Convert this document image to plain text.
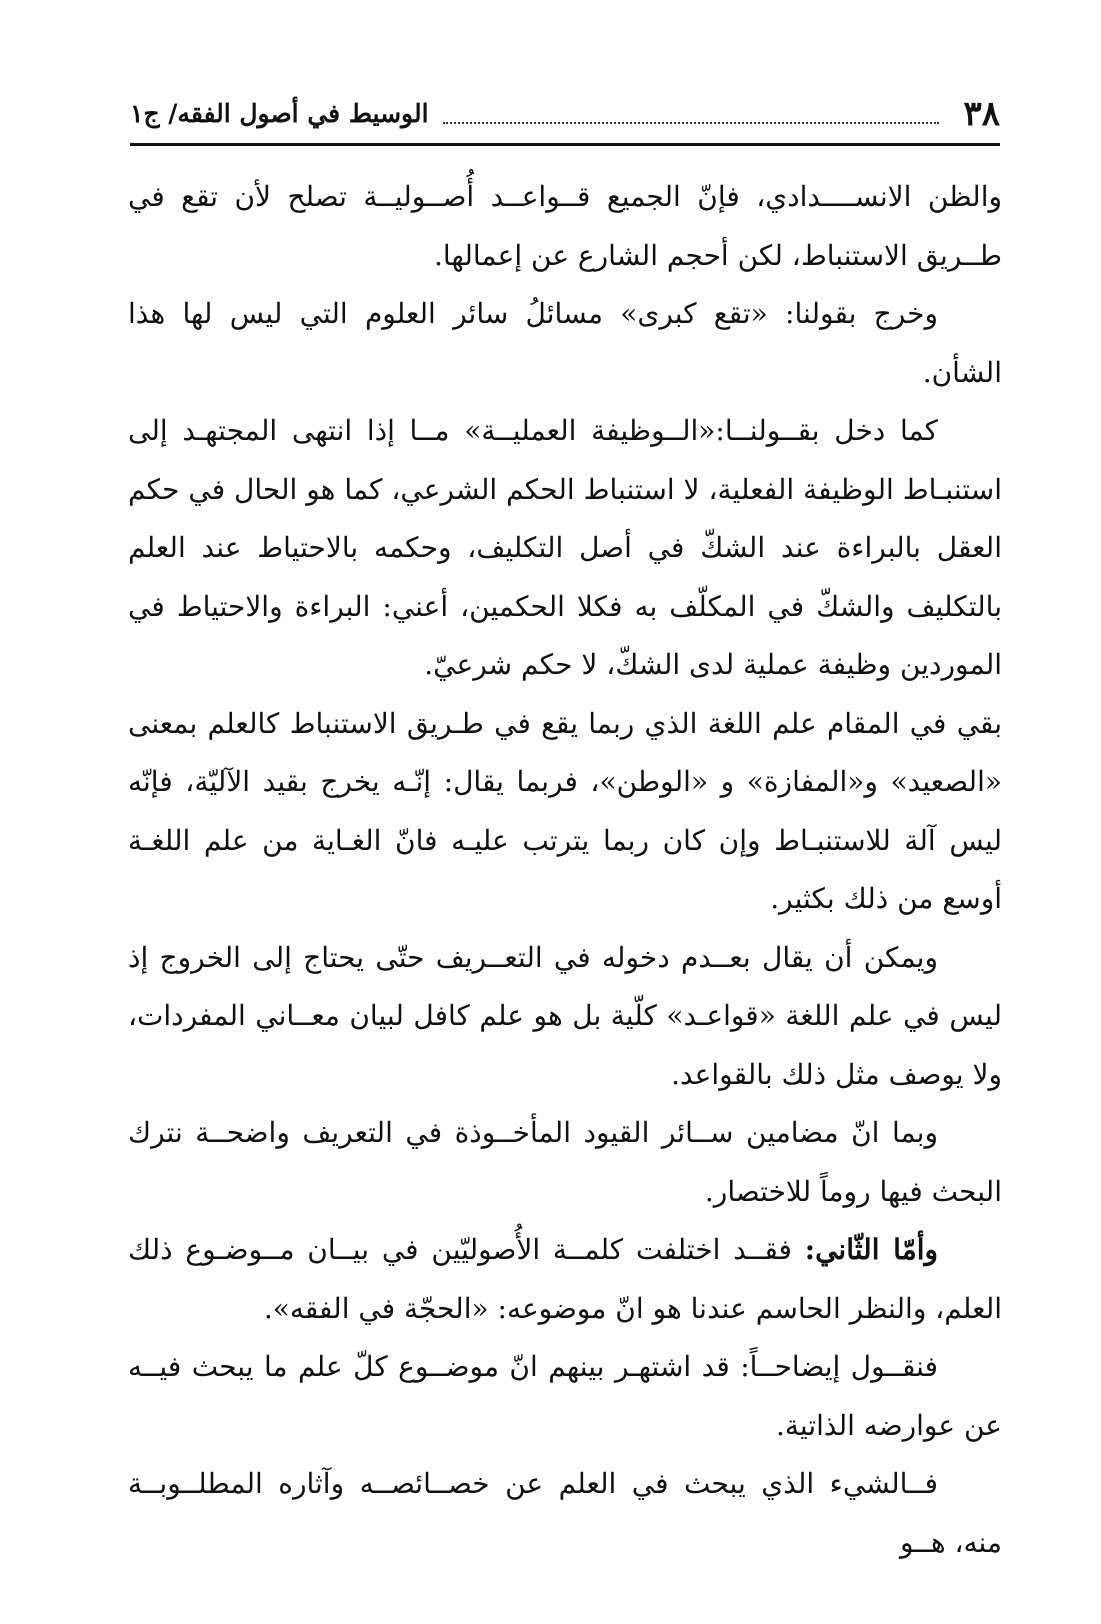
٣٨
الوسيط في أصول الفقه/ ج١

والظن الانســــدادي، فإنّ الجميع قــواعــد أُصــوليــة تصلح لأن تقع في طــريق الاستنباط، لكن أحجم الشارع عن إعمالها.

وخرج بقولنا: «تقع كبرى» مسائلُ سائر العلوم التي ليس لها هذا الشأن.

كما دخل بقــولنــا:«الــوظيفة العمليــة» مــا إذا انتهى المجتهـد إلى استنبـاط الوظيفة الفعلية، لا استنباط الحكم الشرعي، كما هو الحال في حكم العقل بالبراءة عند الشكّ في أصل التكليف، وحكمه بالاحتياط عند العلم بالتكليف والشكّ في المكلّف به فكلا الحكمين، أعني: البراءة والاحتياط في الموردين وظيفة عملية لدى الشكّ، لا حكم شرعيّ.

بقي في المقام علم اللغة الذي ربما يقع في طـريق الاستنباط كالعلم بمعنى «الصعيد» و«المفازة» و «الوطن»، فربما يقال: إنّـه يخرج بقيد الآليّة، فإنّه ليس آلة للاستنبـاط وإن كان ربما يترتب عليـه فانّ الغـاية من علم اللغـة أوسع من ذلك بكثير.

ويمكن أن يقال بعــدم دخوله في التعــريف حتّى يحتاج إلى الخروج إذ ليس في علم اللغة «قواعـد» كلّية بل هو علم كافل لبيان معــاني المفردات، ولا يوصف مثل ذلك بالقواعد.

وبما انّ مضامين ســائر القيود المأخــوذة في التعريف واضحــة نترك البحث فيها روماً للاختصار.

وأمّا الثّاني: فقــد اختلفت كلمــة الأُصوليّين في بيــان مــوضـوع ذلك العلم، والنظر الحاسم عندنا هو انّ موضوعه: «الحجّة في الفقه».

فنقــول إيضاحــاً: قد اشتهـر بينهم انّ موضــوع كلّ علم ما يبحث فيــه عن عوارضه الذاتية.

فــالشيء الذي يبحث في العلم عن خصــائصــه وآثاره المطلــوبــة منه، هــو
